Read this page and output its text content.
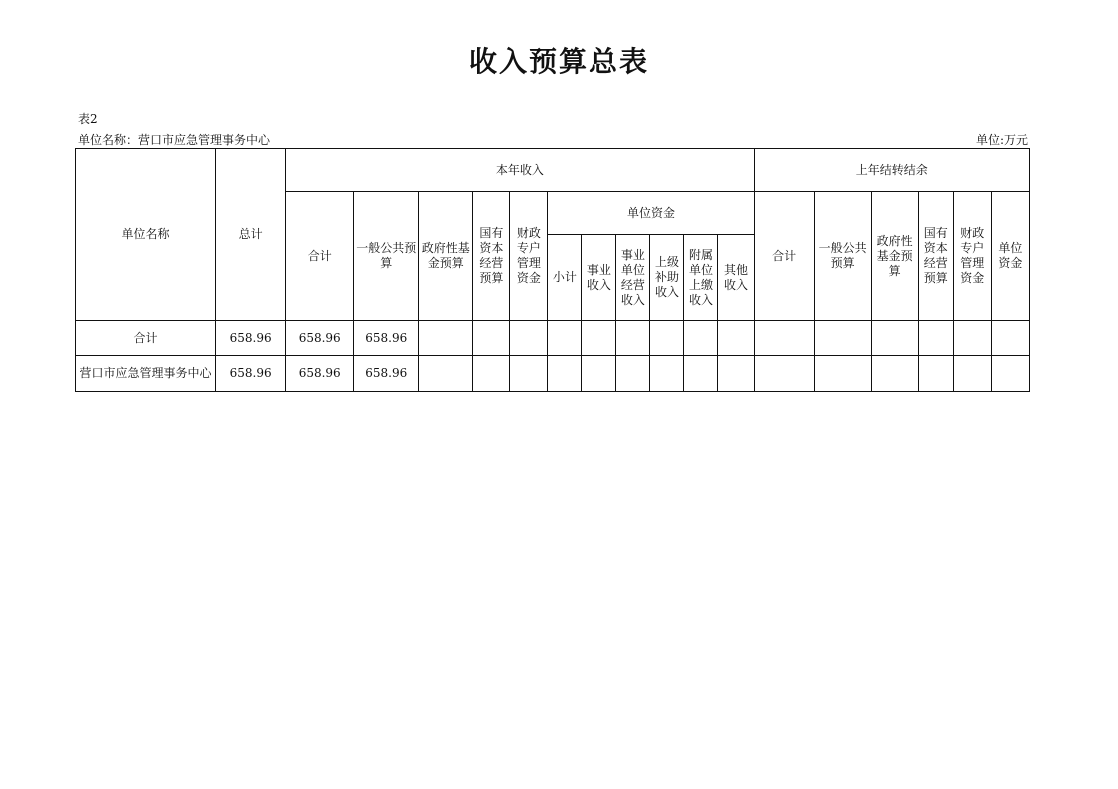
收入预算总表
表2
单位名称：营口市应急管理事务中心	单位:万元
单位名称	总计	本年收入											上年结转结余					
		合计	一般公共预算	政府性基金预算	国有资本经营预算	财政专户管理资金	单位资金						合计	一般公共预算	政府性基金预算	国有资本经营预算	财政专户管理资金	单位资金
							小计	事业收入	事业单位经营收入	上级补助收入	附属单位上缴收入	其他收入						
合计	658.96	658.96	658.96															
营口市应急管理事务中心	658.96	658.96	658.96															
